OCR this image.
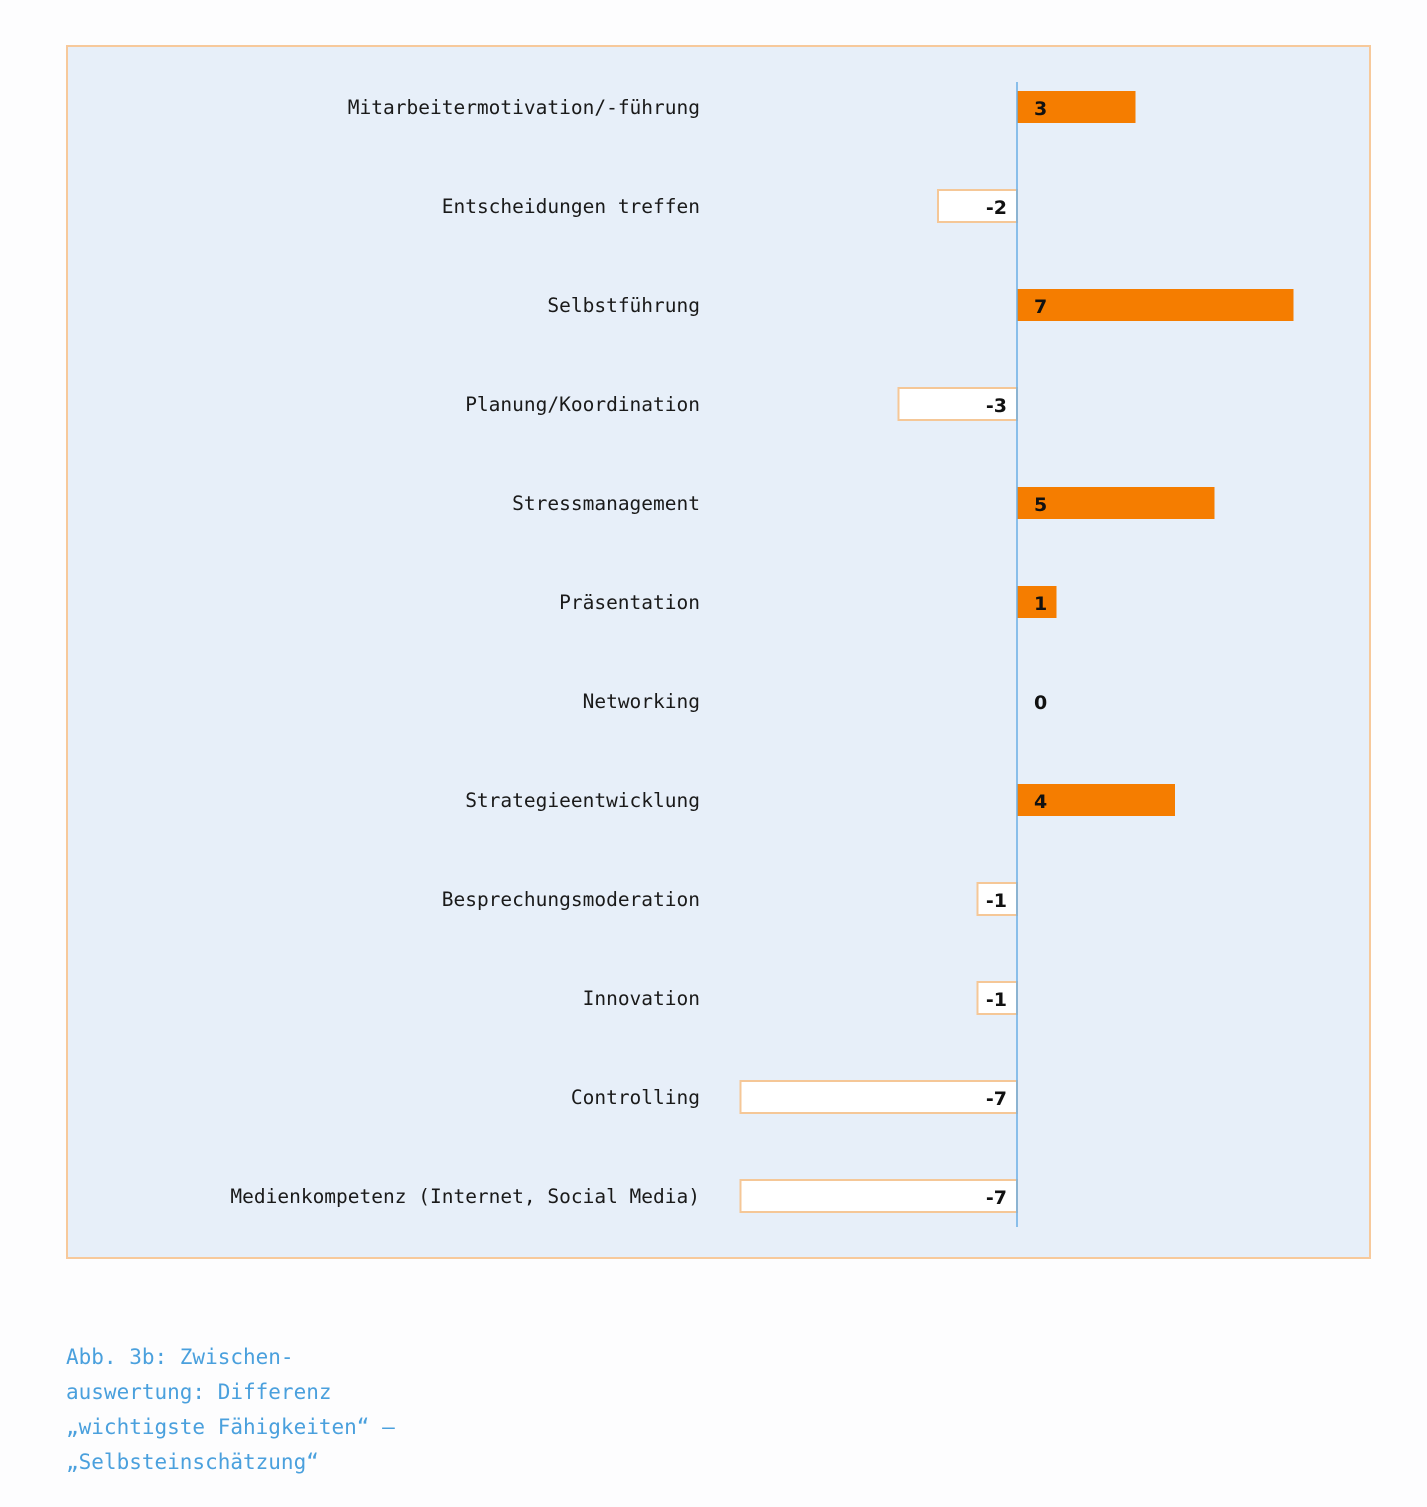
Mitarbeitermotivation/-führung	3
Entscheidungen treffen	-2
Selbstführung	7
Planung/Koordination	-3
Stressmanagement	5
Präsentation	1
Networking	0
Strategieentwicklung	4
Besprechungsmoderation	-1
Innovation	-1
Controlling	-7
Medienkompetenz (Internet, Social Media)	-7
Abb. 3b: Zwischen-
auswertung: Differenz
„wichtigste Fähigkeiten“ –
„Selbsteinschätzung“
